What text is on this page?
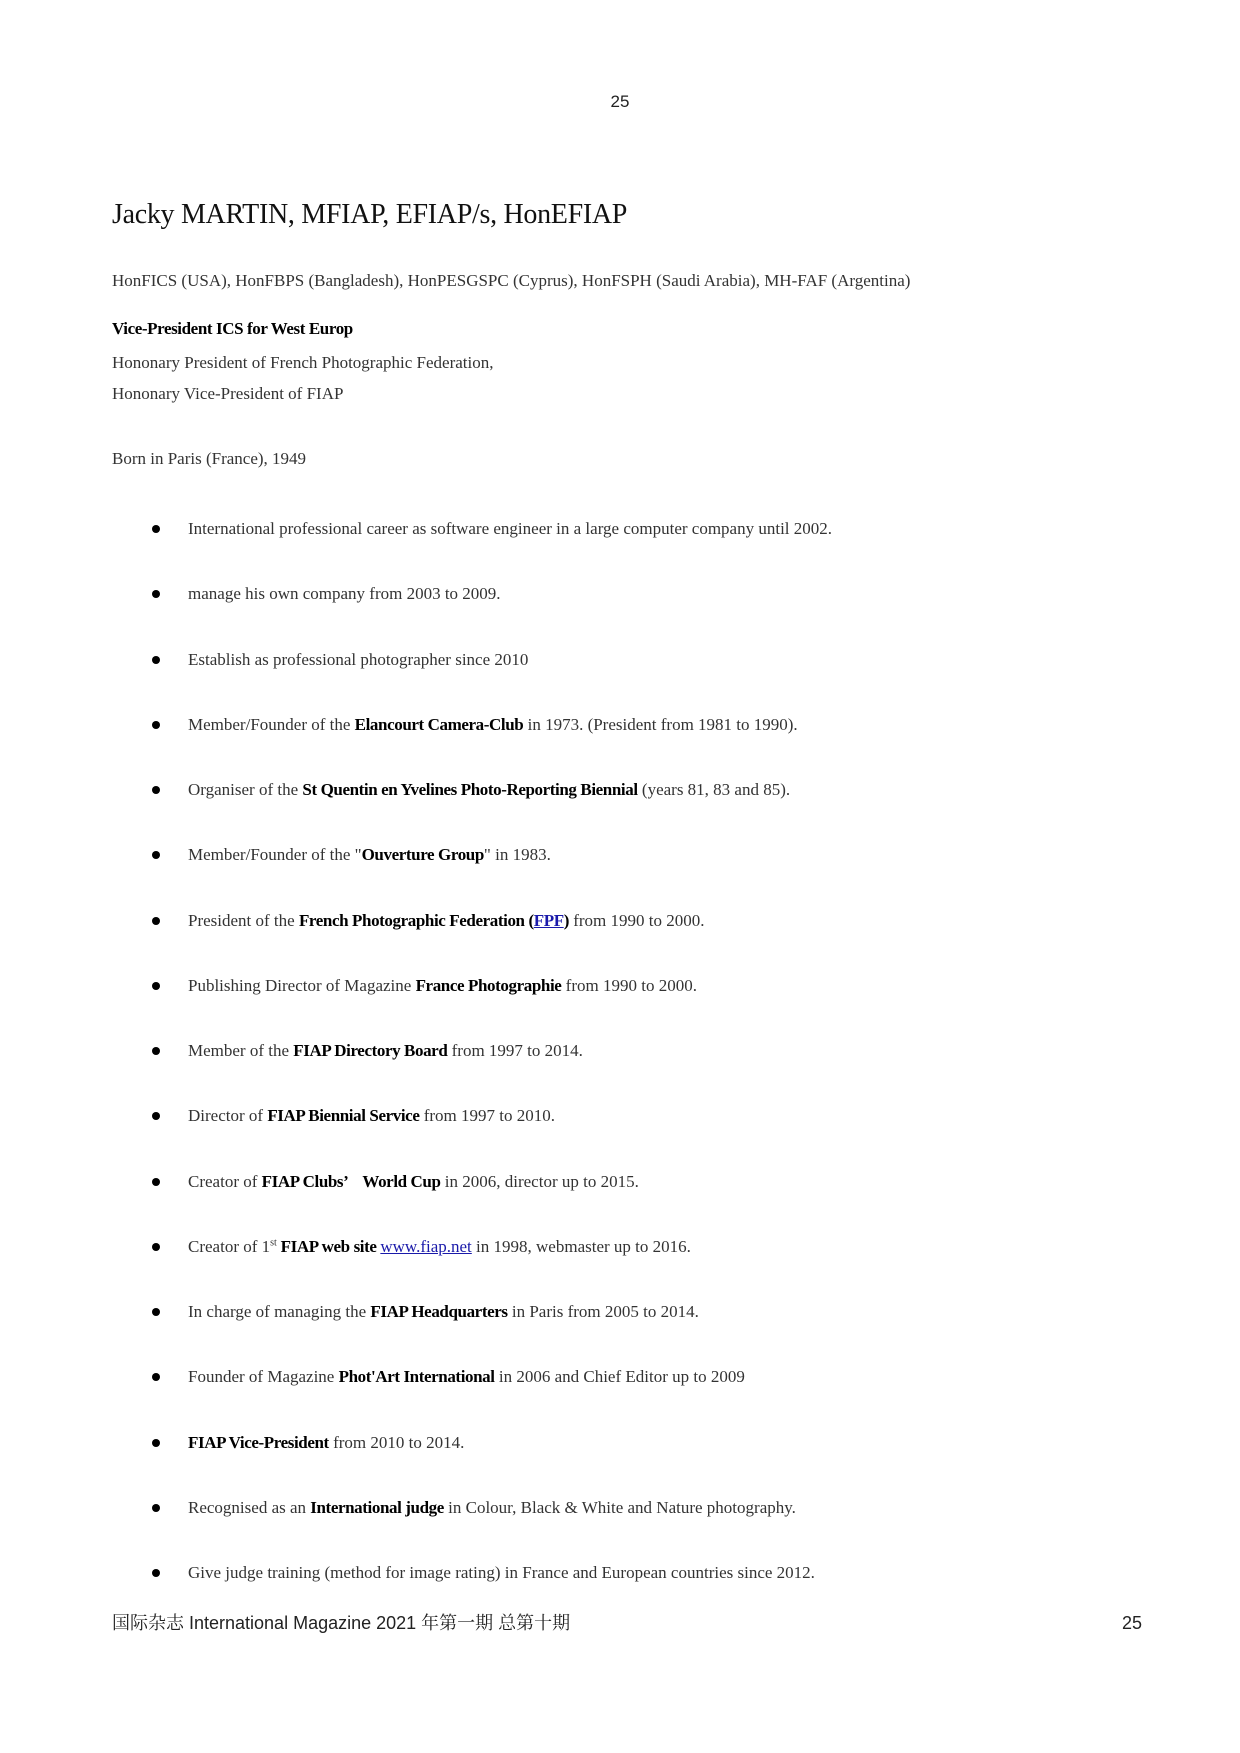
25
Jacky MARTIN, MFIAP, EFIAP/s, HonEFIAP
HonFICS (USA), HonFBPS (Bangladesh), HonPESGSPC (Cyprus), HonFSPH (Saudi Arabia), MH-FAF (Argentina)
Vice-President ICS for West Europ
Hononary President of French Photographic Federation,
Hononary Vice-President of FIAP
Born in Paris (France), 1949
International professional career as software engineer in a large computer company until 2002.
manage his own company from 2003 to 2009.
Establish as professional photographer since 2010
Member/Founder of the Elancourt Camera-Club in 1973. (President from 1981 to 1990).
Organiser of the St Quentin en Yvelines Photo-Reporting Biennial (years 81, 83 and 85).
Member/Founder of the "Ouverture Group" in 1983.
President of the French Photographic Federation (FPF) from 1990 to 2000.
Publishing Director of Magazine France Photographie from 1990 to 2000.
Member of the FIAP Directory Board from 1997 to 2014.
Director of FIAP Biennial Service from 1997 to 2010.
Creator of FIAP Clubs’ World Cup in 2006, director up to 2015.
Creator of 1st FIAP web site www.fiap.net in 1998, webmaster up to 2016.
In charge of managing the FIAP Headquarters in Paris from 2005 to 2014.
Founder of Magazine Phot'Art International in 2006 and Chief Editor up to 2009
FIAP Vice-President from 2010 to 2014.
Recognised as an International judge in Colour, Black & White and Nature photography.
Give judge training (method for image rating) in France and European countries since 2012.
国际杂志 International Magazine 2021 年第一期 总第十期	25
